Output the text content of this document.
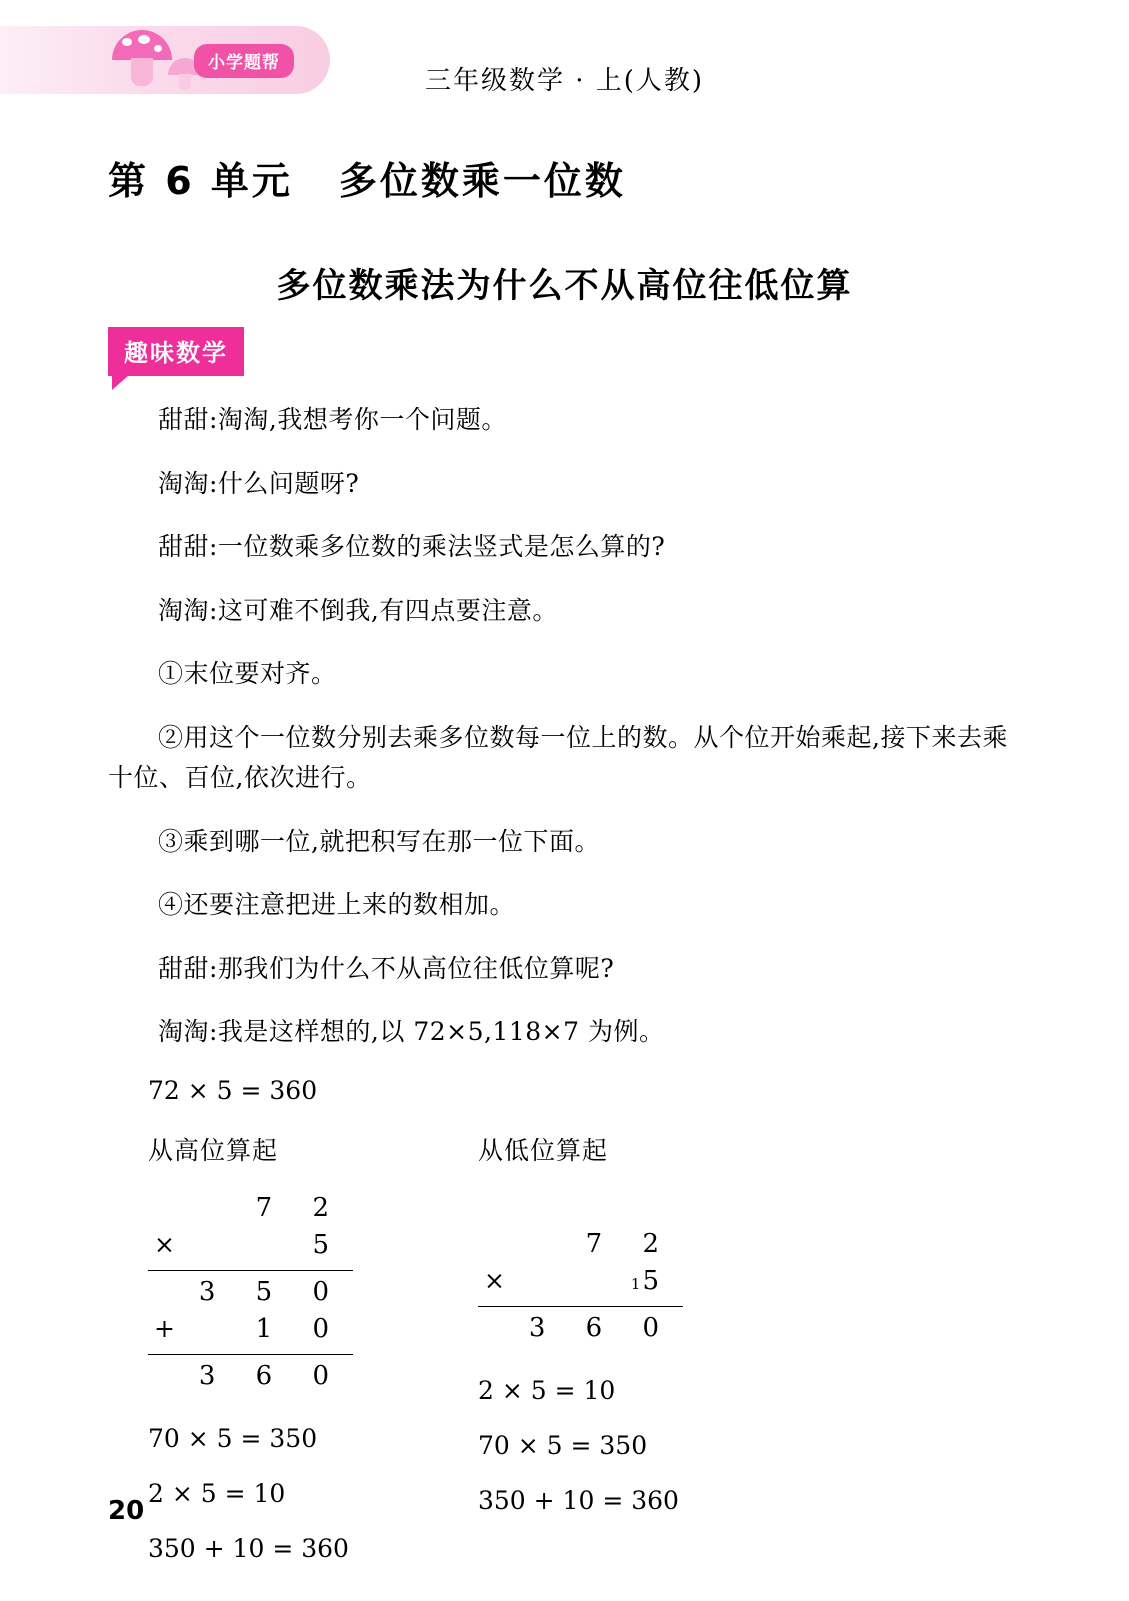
小学题帮
三年级数学 · 上(人教)
第 6 单元 多位数乘一位数
多位数乘法为什么不从高位往低位算
趣味数学

甜甜:淘淘,我想考你一个问题。

淘淘:什么问题呀?

甜甜:一位数乘多位数的乘法竖式是怎么算的?

淘淘:这可难不倒我,有四点要注意。

①末位要对齐。

②用这个一位数分别去乘多位数每一位上的数。从个位开始乘起,接下来去乘十位、百位,依次进行。

③乘到哪一位,就把积写在那一位下面。

④还要注意把进上来的数相加。

甜甜:那我们为什么不从高位往低位算呢?

淘淘:我是这样想的,以 72×5,118×7 为例。

72 × 5 = 360

从高位算起
7 2
×	5
3 5 0
+	1 0
3 6 0
70 × 5 = 350
2 × 5 = 10
350 + 10 = 360
从低位算起
7 2
×	1 5
3 6 0
2 × 5 = 10
70 × 5 = 350
350 + 10 = 360
20
